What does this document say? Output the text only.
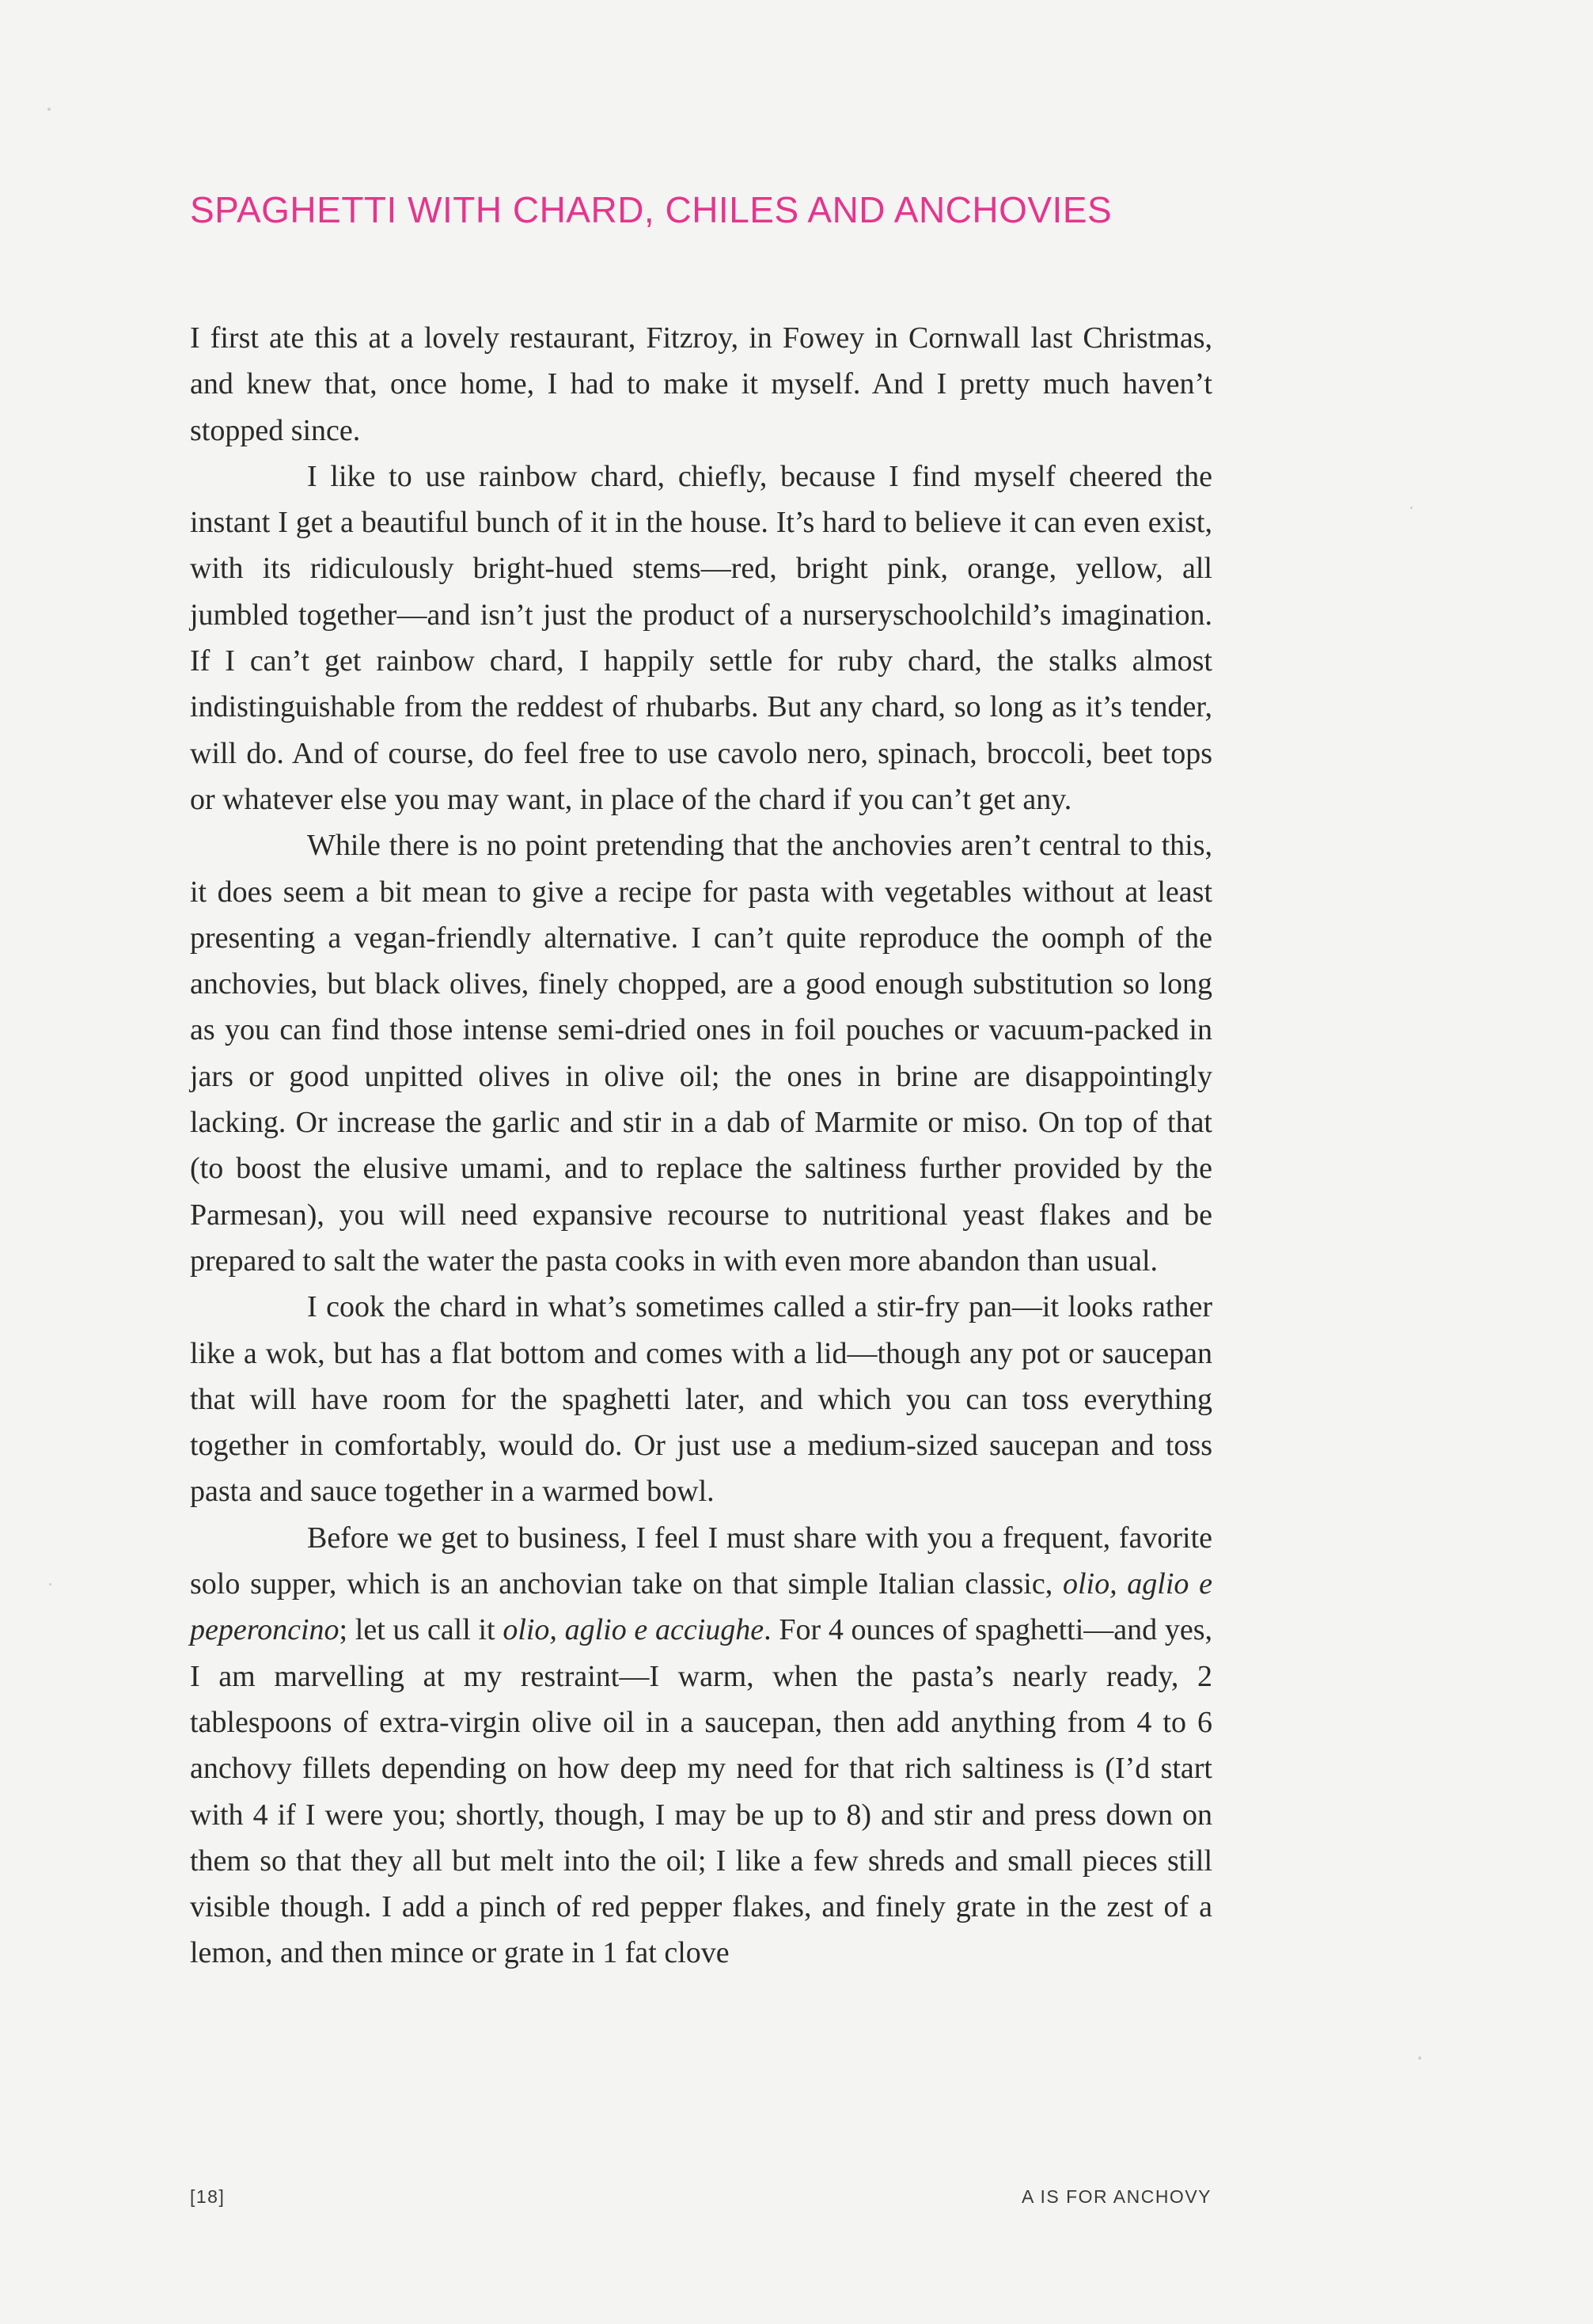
SPAGHETTI WITH CHARD, CHILES AND ANCHOVIES

I first ate this at a lovely restaurant, Fitzroy, in Fowey in Cornwall last Christmas, and knew that, once home, I had to make it myself. And I pretty much haven’t stopped since.

I like to use rainbow chard, chiefly, because I find myself cheered the instant I get a beautiful bunch of it in the house. It’s hard to believe it can even exist, with its ridiculously bright-hued stems—red, bright pink, orange, yellow, all jumbled together—and isn’t just the product of a nurseryschoolchild’s imagination. If I can’t get rainbow chard, I happily settle for ruby chard, the stalks almost indistinguishable from the reddest of rhubarbs. But any chard, so long as it’s tender, will do. And of course, do feel free to use cavolo nero, spinach, broccoli, beet tops or whatever else you may want, in place of the chard if you can’t get any.

While there is no point pretending that the anchovies aren’t central to this, it does seem a bit mean to give a recipe for pasta with vegetables without at least presenting a vegan-friendly alternative. I can’t quite reproduce the oomph of the anchovies, but black olives, finely chopped, are a good enough substitution so long as you can find those intense semi-dried ones in foil pouches or vacuum-packed in jars or good unpitted olives in olive oil; the ones in brine are disappointingly lacking. Or increase the garlic and stir in a dab of Marmite or miso. On top of that (to boost the elusive umami, and to replace the saltiness further provided by the Parmesan), you will need expansive recourse to nutritional yeast flakes and be prepared to salt the water the pasta cooks in with even more abandon than usual.

I cook the chard in what’s sometimes called a stir-fry pan—it looks rather like a wok, but has a flat bottom and comes with a lid—though any pot or saucepan that will have room for the spaghetti later, and which you can toss everything together in comfortably, would do. Or just use a medium-sized saucepan and toss pasta and sauce together in a warmed bowl.

Before we get to business, I feel I must share with you a frequent, favorite solo supper, which is an anchovian take on that simple Italian classic, olio, aglio e peperoncino; let us call it olio, aglio e acciughe. For 4 ounces of spaghetti—and yes, I am marvelling at my restraint—I warm, when the pasta’s nearly ready, 2 tablespoons of extra-virgin olive oil in a saucepan, then add anything from 4 to 6 anchovy fillets depending on how deep my need for that rich saltiness is (I’d start with 4 if I were you; shortly, though, I may be up to 8) and stir and press down on them so that they all but melt into the oil; I like a few shreds and small pieces still visible though. I add a pinch of red pepper flakes, and finely grate in the zest of a lemon, and then mince or grate in 1 fat clove

[18]	A IS FOR ANCHOVY
